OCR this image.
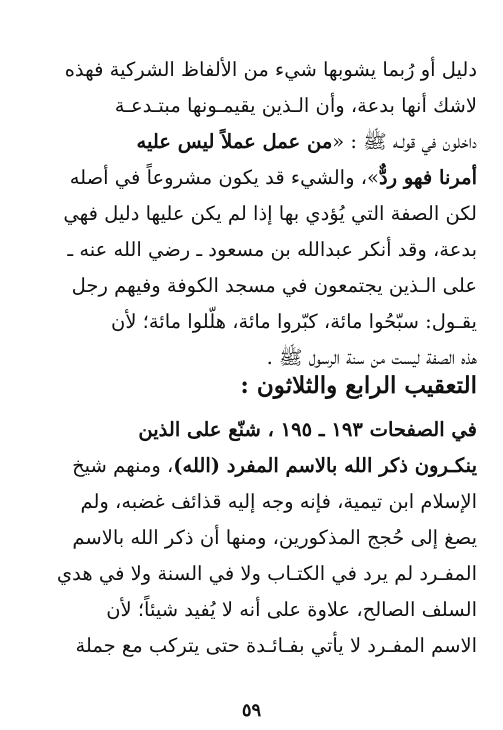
دليل أو رُبما يشوبها شيء من الألفاظ الشركية فهذه
لاشك أنها بدعة، وأن الـذين يقيمـونها مبتـدعـة
داخلون في قولـه ﷺ : «من عمل عملاً ليس عليه
أمرنا فهو ردٌّ»، والشيء قد يكون مشروعاً في أصله
لكن الصفة التي يُؤدي بها إذا لم يكن عليها دليل فهي
بدعة، وقد أنكر عبدالله بن مسعود ـ رضي الله عنه ـ
على الـذين يجتمعون في مسجد الكوفة وفيهم رجل
يقـول: سبّحُوا مائة، كبّروا مائة، هلّلوا مائة؛ لأن
هذه الصفة ليست من سنة الرسول ﷺ .
التعقيب الرابع والثلاثون :
في الصفحات ١٩٣ ـ ١٩٥ ، شنّع على الذين
ينكـرون ذكر الله بالاسم المفرد (الله)، ومنهم شيخ
الإسلام ابن تيمية، فإنه وجه إليه قذائف غضبه، ولم
يصغ إلى حُجج المذكورين، ومنها أن ذكر الله بالاسم
المفـرد لم يرد في الكتـاب ولا في السنة ولا في هدي
السلف الصالح، علاوة على أنه لا يُفيد شيئاً؛ لأن
الاسم المفـرد لا يأتي بفـائـدة حتى يتركب مع جملة
٥٩
